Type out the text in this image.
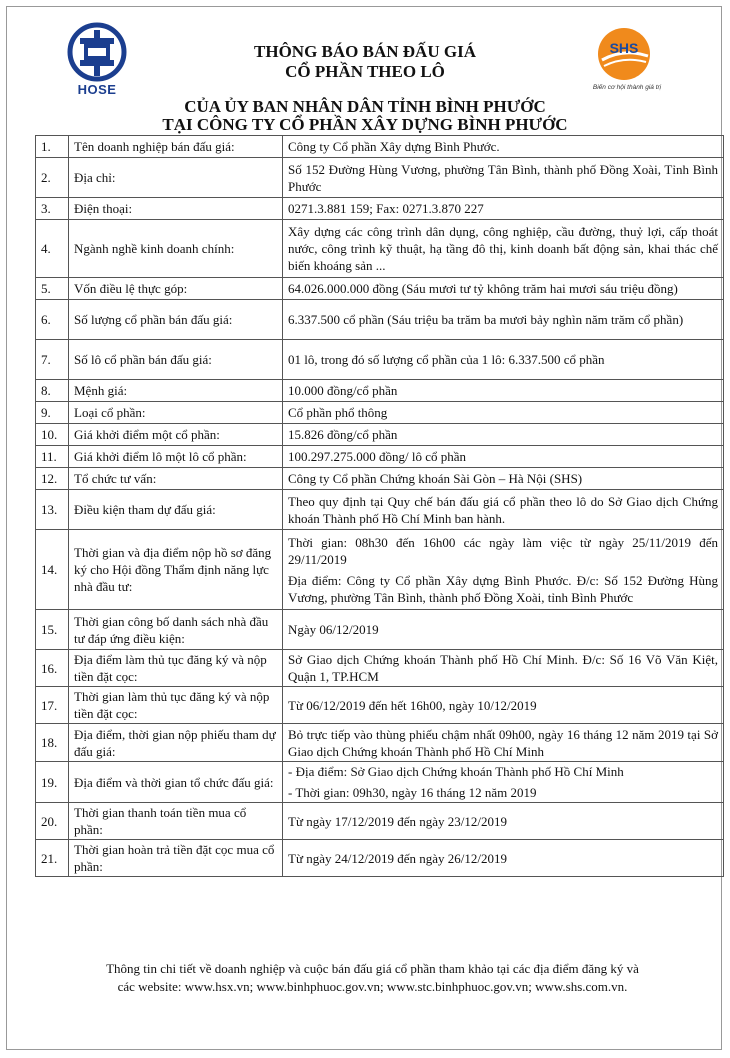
HOSE
THÔNG BÁO BÁN ĐẤU GIÁ
CỔ PHẦN THEO LÔ
SHS
Biến cơ hội thành giá trị
CỦA ỦY BAN NHÂN DÂN TỈNH BÌNH PHƯỚC
TẠI CÔNG TY CỔ PHẦN XÂY DỰNG BÌNH PHƯỚC
1.	Tên doanh nghiệp bán đấu giá:	Công ty Cổ phần Xây dựng Bình Phước.
2.	Địa chỉ:	Số 152 Đường Hùng Vương, phường Tân Bình, thành phố Đồng Xoài, Tỉnh Bình Phước
3.	Điện thoại:	0271.3.881 159; Fax: 0271.3.870 227
4.	Ngành nghề kinh doanh chính:	Xây dựng các công trình dân dụng, công nghiệp, cầu đường, thuỷ lợi, cấp thoát nước, công trình kỹ thuật, hạ tầng đô thị, kinh doanh bất động sản, khai thác chế biến khoáng sản ...
5.	Vốn điều lệ thực góp:	64.026.000.000 đồng (Sáu mươi tư tỷ không trăm hai mươi sáu triệu đồng)
6.	Số lượng cổ phần bán đấu giá:	6.337.500 cổ phần (Sáu triệu ba trăm ba mươi bảy nghìn năm trăm cổ phần)
7.	Số lô cổ phần bán đấu giá:	01 lô, trong đó số lượng cổ phần của 1 lô: 6.337.500 cổ phần
8.	Mệnh giá:	10.000 đồng/cổ phần
9.	Loại cổ phần:	Cổ phần phổ thông
10.	Giá khởi điểm một cổ phần:	15.826 đồng/cổ phần
11.	Giá khởi điểm lô một lô cổ phần:	100.297.275.000 đồng/ lô cổ phần
12.	Tổ chức tư vấn:	Công ty Cổ phần Chứng khoán Sài Gòn – Hà Nội (SHS)
13.	Điều kiện tham dự đấu giá:	Theo quy định tại Quy chế bán đấu giá cổ phần theo lô do Sở Giao dịch Chứng khoán Thành phố Hồ Chí Minh ban hành.
14.	Thời gian và địa điểm nộp hồ sơ đăng ký cho Hội đồng Thẩm định năng lực nhà đầu tư:	Thời gian: 08h30 đến 16h00 các ngày làm việc từ ngày 25/11/2019 đến 29/11/2019
Địa điểm: Công ty Cổ phần Xây dựng Bình Phước. Đ/c: Số 152 Đường Hùng Vương, phường Tân Bình, thành phố Đồng Xoài, tỉnh Bình Phước

15.	Thời gian công bố danh sách nhà đầu tư đáp ứng điều kiện:	Ngày 06/12/2019
16.	Địa điểm làm thủ tục đăng ký và nộp tiền đặt cọc:	Sở Giao dịch Chứng khoán Thành phố Hồ Chí Minh. Đ/c: Số 16 Võ Văn Kiệt, Quận 1, TP.HCM
17.	Thời gian làm thủ tục đăng ký và nộp tiền đặt cọc:	Từ 06/12/2019 đến hết 16h00, ngày 10/12/2019
18.	Địa điểm, thời gian nộp phiếu tham dự đấu giá:	Bỏ trực tiếp vào thùng phiếu chậm nhất 09h00, ngày 16 tháng 12 năm 2019 tại Sở Giao dịch Chứng khoán Thành phố Hồ Chí Minh
19.	Địa điểm và thời gian tổ chức đấu giá:	- Địa điểm: Sở Giao dịch Chứng khoán Thành phố Hồ Chí Minh
- Thời gian: 09h30, ngày 16 tháng 12 năm 2019

20.	Thời gian thanh toán tiền mua cổ phần:	Từ ngày 17/12/2019 đến ngày 23/12/2019
21.	Thời gian hoàn trả tiền đặt cọc mua cổ phần:	Từ ngày 24/12/2019 đến ngày 26/12/2019
Thông tin chi tiết về doanh nghiệp và cuộc bán đấu giá cổ phần tham khảo tại các địa điểm đăng ký và
các website: www.hsx.vn; www.binhphuoc.gov.vn; www.stc.binhphuoc.gov.vn; www.shs.com.vn.
